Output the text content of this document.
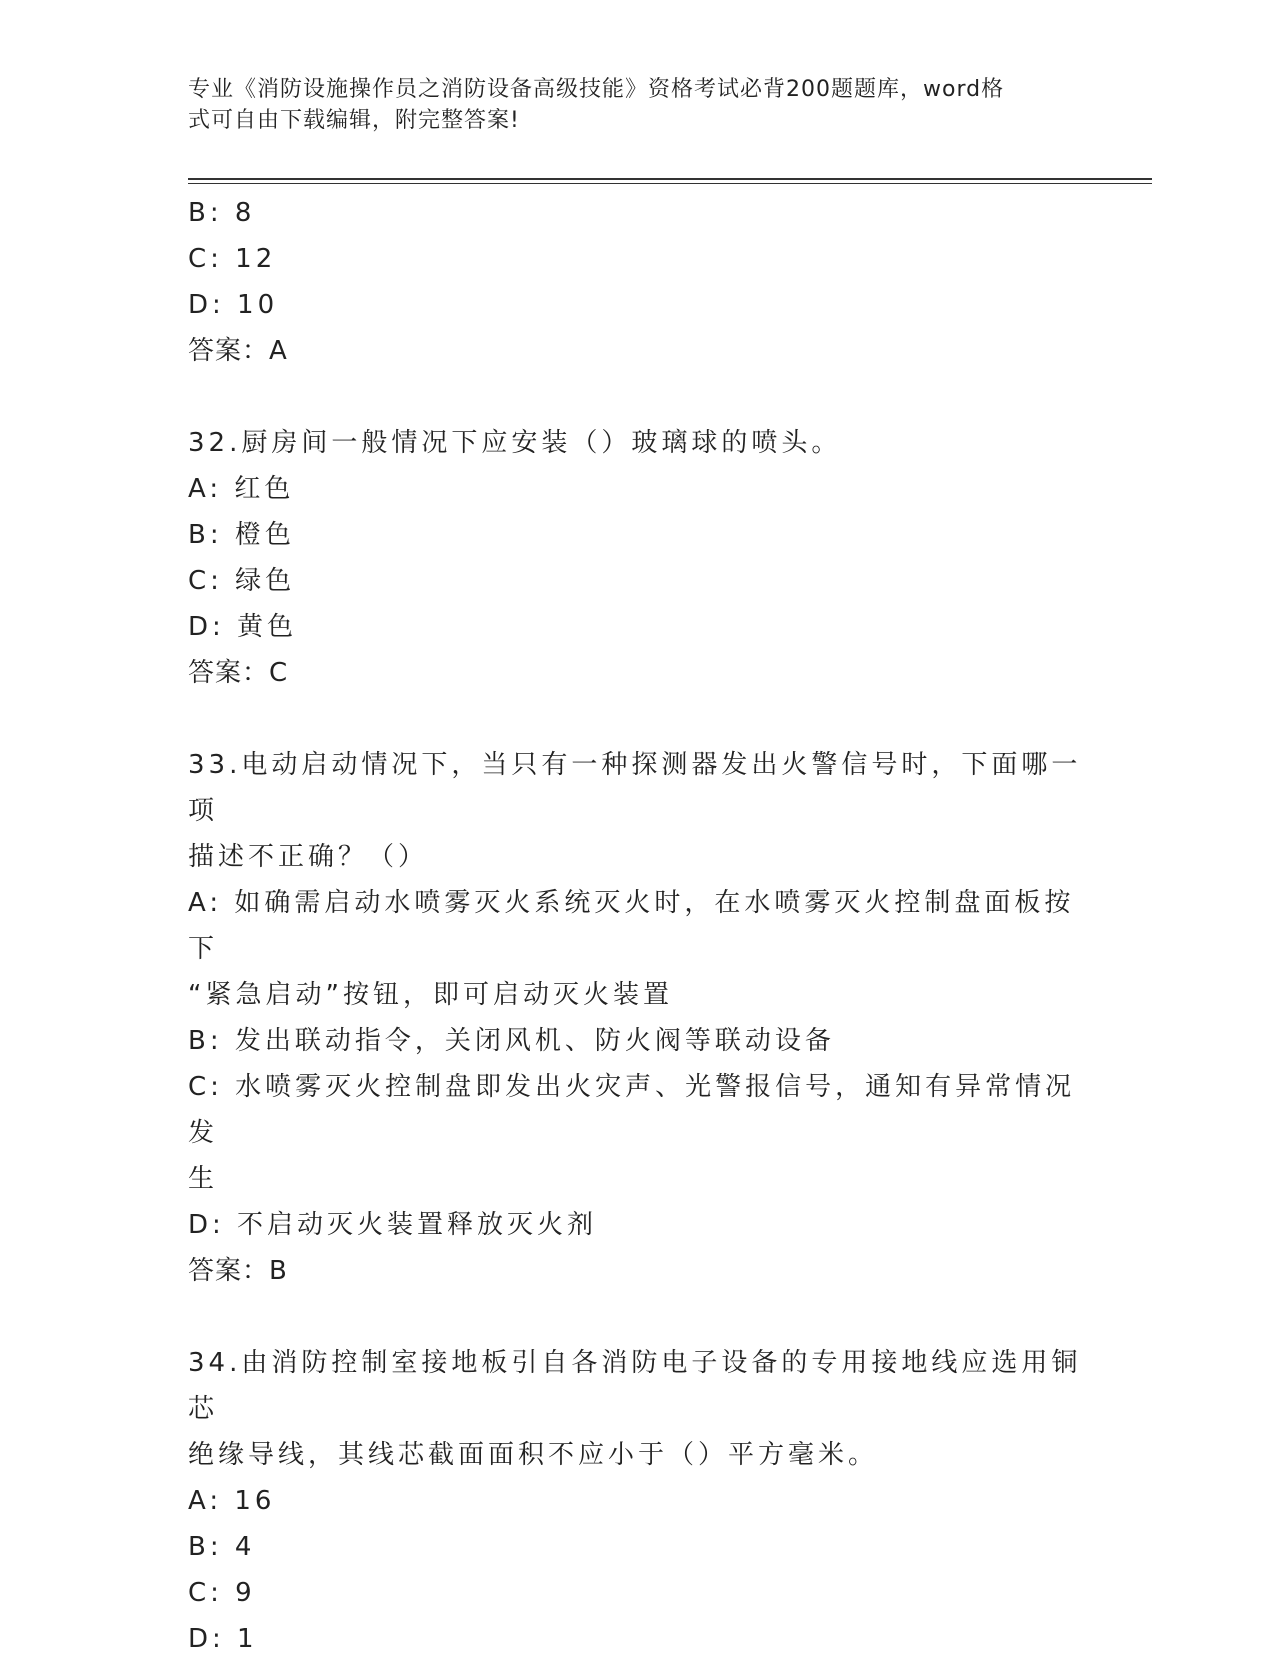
专业《消防设施操作员之消防设备高级技能》资格考试必背200题题库，word格
式可自由下载编辑，附完整答案!

B: 8

C: 12

D: 10

答案：A

32.厨房间一般情况下应安装（）玻璃球的喷头。

A: 红色

B: 橙色

C: 绿色

D: 黄色

答案：C

33.电动启动情况下，当只有一种探测器发出火警信号时，下面哪一项

描述不正确？（）

A: 如确需启动水喷雾灭火系统灭火时，在水喷雾灭火控制盘面板按下

“紧急启动”按钮，即可启动灭火装置

B: 发出联动指令，关闭风机、防火阀等联动设备

C: 水喷雾灭火控制盘即发出火灾声、光警报信号，通知有异常情况发

生

D: 不启动灭火装置释放灭火剂

答案：B

34.由消防控制室接地板引自各消防电子设备的专用接地线应选用铜芯

绝缘导线，其线芯截面面积不应小于（）平方毫米。

A: 16

B: 4

C: 9

D: 1
